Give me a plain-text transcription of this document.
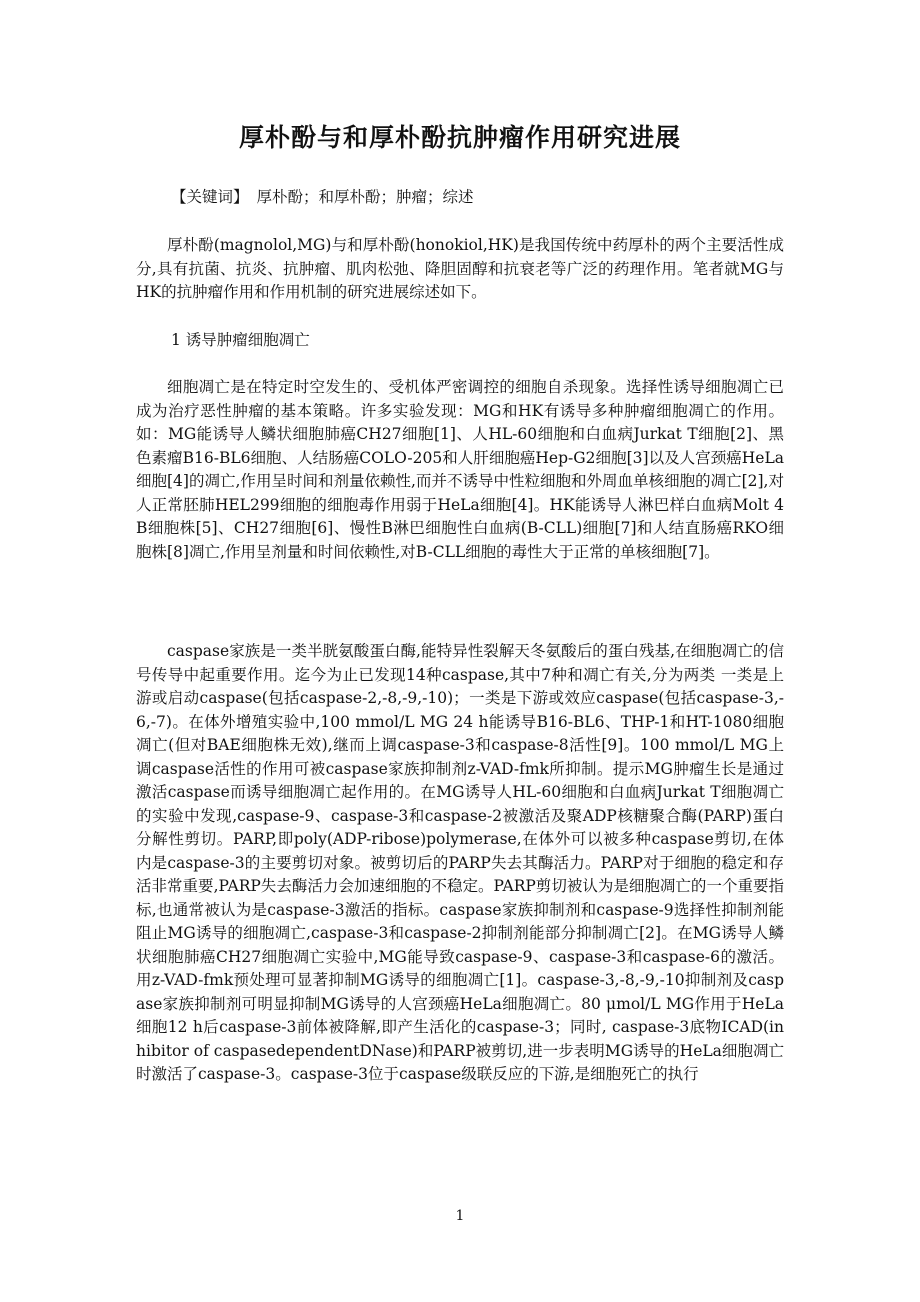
厚朴酚与和厚朴酚抗肿瘤作用研究进展
【关键词】 厚朴酚；和厚朴酚；肿瘤；综述

厚朴酚(magnolol,MG)与和厚朴酚(honokiol,HK)是我国传统中药厚朴的两个主要活性成分,具有抗菌、抗炎、抗肿瘤、肌肉松弛、降胆固醇和抗衰老等广泛的药理作用。笔者就MG与HK的抗肿瘤作用和作用机制的研究进展综述如下。

1 诱导肿瘤细胞凋亡

细胞凋亡是在特定时空发生的、受机体严密调控的细胞自杀现象。选择性诱导细胞凋亡已成为治疗恶性肿瘤的基本策略。许多实验发现：MG和HK有诱导多种肿瘤细胞凋亡的作用。如：MG能诱导人鳞状细胞肺癌CH27细胞[1]、人HL-60细胞和白血病Jurkat T细胞[2]、黑色素瘤B16-BL6细胞、人结肠癌COLO-205和人肝细胞癌Hep-G2细胞[3]以及人宫颈癌HeLa细胞[4]的凋亡,作用呈时间和剂量依赖性,而并不诱导中性粒细胞和外周血单核细胞的凋亡[2],对人正常胚肺HEL299细胞的细胞毒作用弱于HeLa细胞[4]。HK能诱导人淋巴样白血病Molt 4B细胞株[5]、CH27细胞[6]、慢性B淋巴细胞性白血病(B-CLL)细胞[7]和人结直肠癌RKO细胞株[8]凋亡,作用呈剂量和时间依赖性,对B-CLL细胞的毒性大于正常的单核细胞[7]。

caspase家族是一类半胱氨酸蛋白酶,能特异性裂解天冬氨酸后的蛋白残基,在细胞凋亡的信号传导中起重要作用。迄今为止已发现14种caspase,其中7种和凋亡有关,分为两类 一类是上游或启动caspase(包括caspase-2,-8,-9,-10)；一类是下游或效应caspase(包括caspase-3,-6,-7)。在体外增殖实验中,100 mmol/L MG 24 h能诱导B16-BL6、THP-1和HT-1080细胞凋亡(但对BAE细胞株无效),继而上调caspase-3和caspase-8活性[9]。100 mmol/L MG上调caspase活性的作用可被caspase家族抑制剂z-VAD-fmk所抑制。提示MG肿瘤生长是通过激活caspase而诱导细胞凋亡起作用的。在MG诱导人HL-60细胞和白血病Jurkat T细胞凋亡的实验中发现,caspase-9、caspase-3和caspase-2被激活及聚ADP核糖聚合酶(PARP)蛋白分解性剪切。PARP,即poly(ADP-ribose)polymerase,在体外可以被多种caspase剪切,在体内是caspase-3的主要剪切对象。被剪切后的PARP失去其酶活力。PARP对于细胞的稳定和存活非常重要,PARP失去酶活力会加速细胞的不稳定。PARP剪切被认为是细胞凋亡的一个重要指标,也通常被认为是caspase-3激活的指标。caspase家族抑制剂和caspase-9选择性抑制剂能阻止MG诱导的细胞凋亡,caspase-3和caspase-2抑制剂能部分抑制凋亡[2]。在MG诱导人鳞状细胞肺癌CH27细胞凋亡实验中,MG能导致caspase-9、caspase-3和caspase-6的激活。用z-VAD-fmk预处理可显著抑制MG诱导的细胞凋亡[1]。caspase-3,-8,-9,-10抑制剂及caspase家族抑制剂可明显抑制MG诱导的人宫颈癌HeLa细胞凋亡。80 μmol/L MG作用于HeLa细胞12 h后caspase-3前体被降解,即产生活化的caspase-3；同时, caspase-3底物ICAD(inhibitor of caspasedependentDNase)和PARP被剪切,进一步表明MG诱导的HeLa细胞凋亡时激活了caspase-3。caspase-3位于caspase级联反应的下游,是细胞死亡的执行

1
